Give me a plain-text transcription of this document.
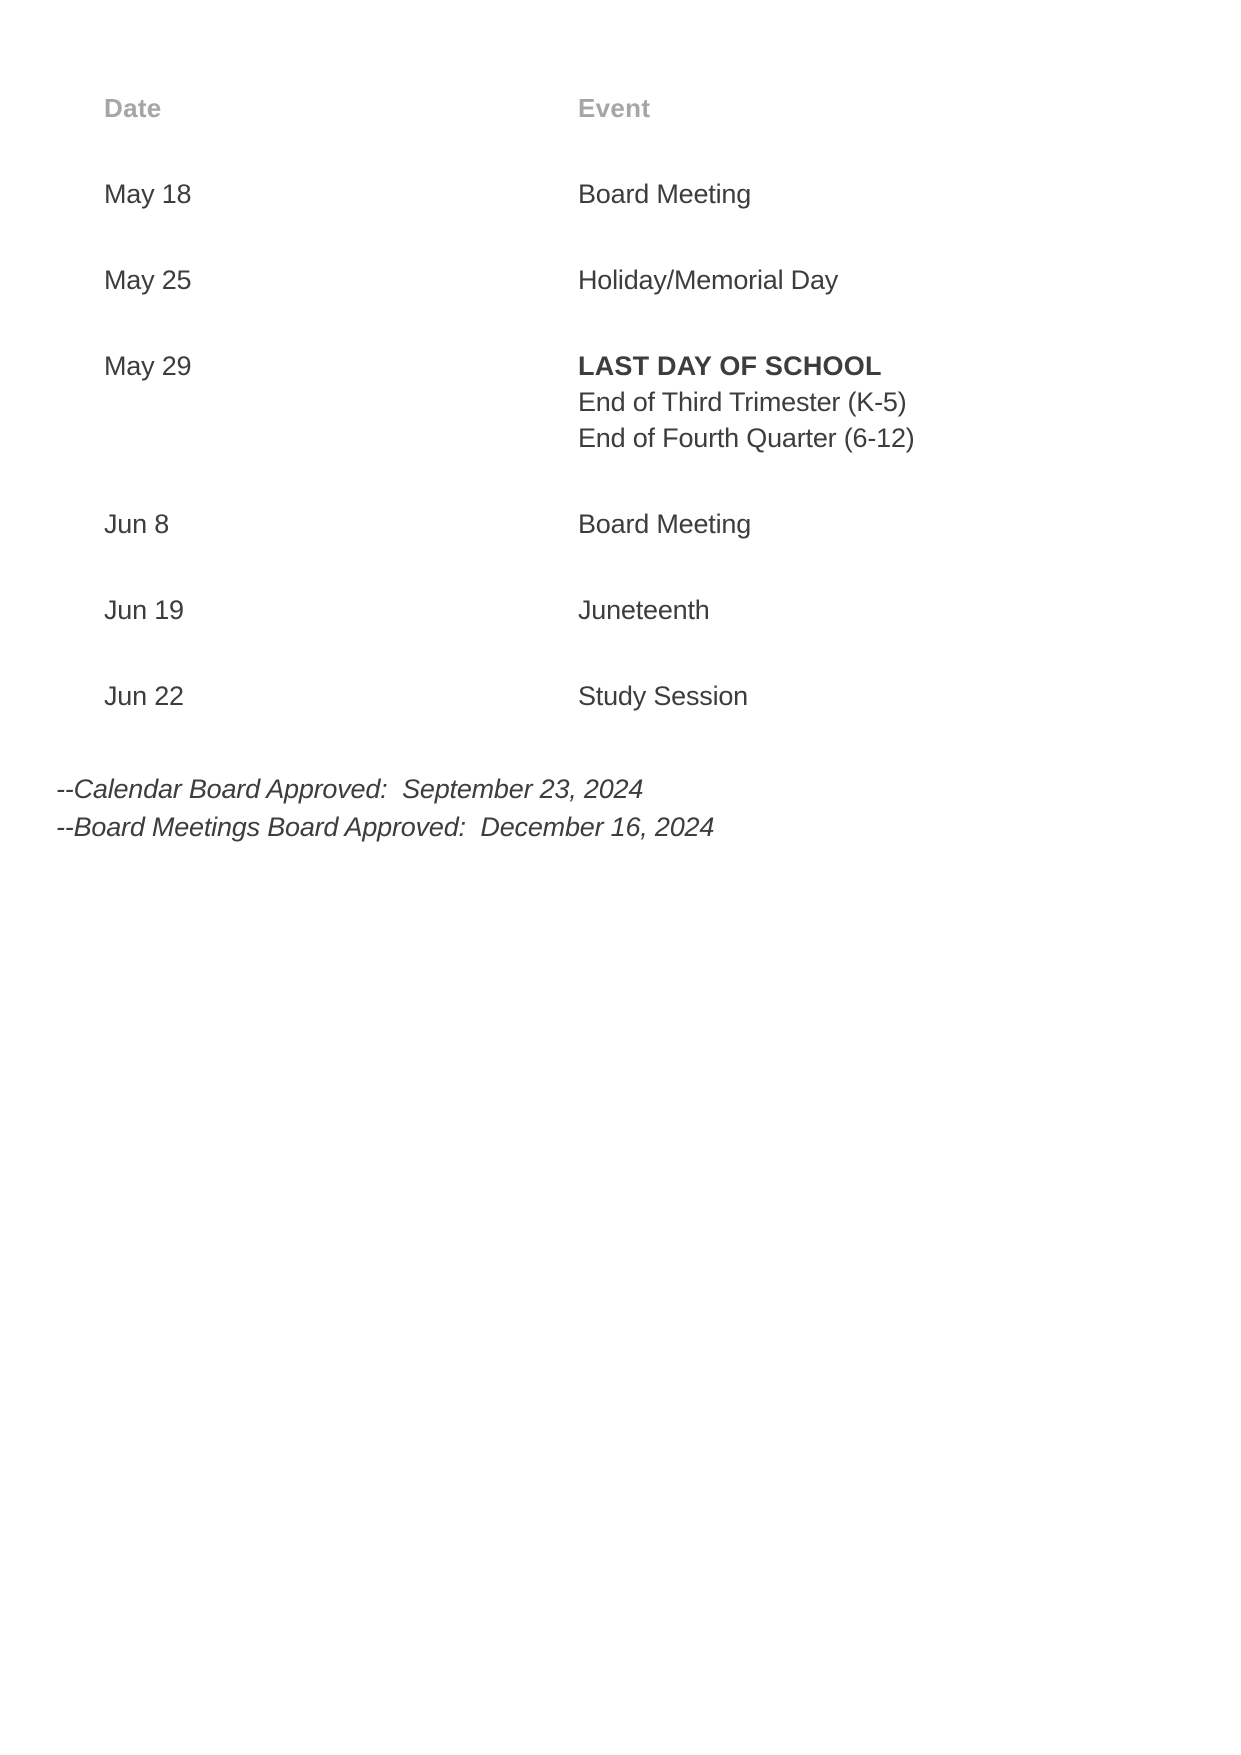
Date	Event
May 18	Board Meeting
May 25	Holiday/Memorial Day
May 29	LAST DAY OF SCHOOL
End of Third Trimester (K-5)
End of Fourth Quarter (6-12)
Jun 8	Board Meeting
Jun 19	Juneteenth
Jun 22	Study Session
--Calendar Board Approved:  September 23, 2024
--Board Meetings Board Approved:  December 16, 2024
